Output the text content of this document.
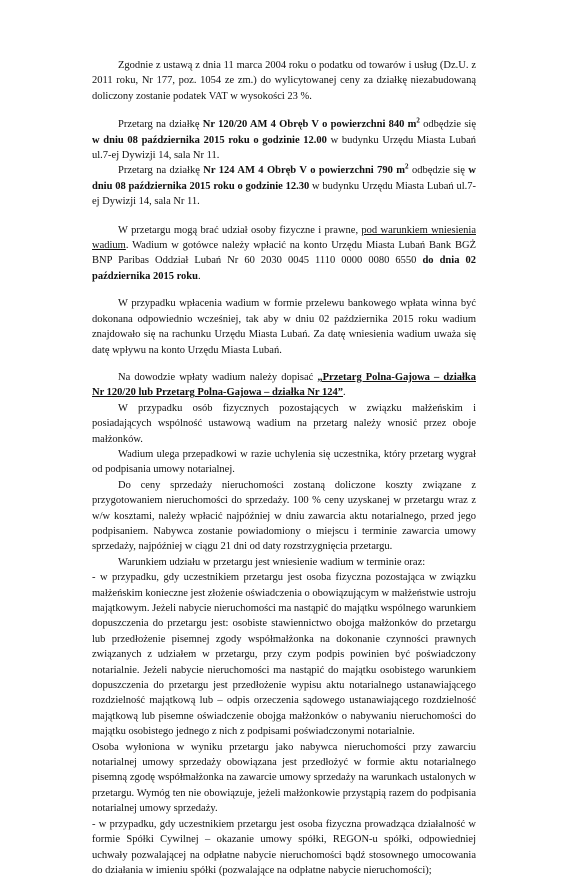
Zgodnie z ustawą z dnia 11 marca 2004 roku o podatku od towarów i usług (Dz.U. z 2011 roku, Nr 177, poz. 1054 ze zm.) do wylicytowanej ceny za działkę niezabudowaną doliczony zostanie podatek VAT w wysokości 23 %.

Przetarg na działkę Nr 120/20 AM 4 Obręb V o powierzchni 840 $m^2$ odbędzie się w dniu 08 października 2015 roku o godzinie 12.00 w budynku Urzędu Miasta Lubań ul.7-ej Dywizji 14, sala Nr 11.

Przetarg na działkę Nr 124 AM 4 Obręb V o powierzchni 790 $m^2$ odbędzie się w dniu 08 października 2015 roku o godzinie 12.30 w budynku Urzędu Miasta Lubań ul.7-ej Dywizji 14, sala Nr 11.

W przetargu mogą brać udział osoby fizyczne i prawne, pod warunkiem wniesienia wadium. Wadium w gotówce należy wpłacić na konto Urzędu Miasta Lubań Bank BGŻ BNP Paribas Oddział Lubań Nr 60 2030 0045 1110 0000 0080 6550 do dnia 02 października 2015 roku.

W przypadku wpłacenia wadium w formie przelewu bankowego wpłata winna być dokonana odpowiednio wcześniej, tak aby w dniu 02 października 2015 roku wadium znajdowało się na rachunku Urzędu Miasta Lubań. Za datę wniesienia wadium uważa się datę wpływu na konto Urzędu Miasta Lubań.

Na dowodzie wpłaty wadium należy dopisać „Przetarg Polna-Gajowa – działka Nr 120/20 lub Przetarg Polna-Gajowa – działka Nr 124”.

W przypadku osób fizycznych pozostających w związku małżeńskim i posiadających wspólność ustawową wadium na przetarg należy wnosić przez oboje małżonków.

Wadium ulega przepadkowi w razie uchylenia się uczestnika, który przetarg wygrał od podpisania umowy notarialnej.

Do ceny sprzedaży nieruchomości zostaną doliczone koszty związane z przygotowaniem nieruchomości do sprzedaży. 100 % ceny uzyskanej w przetargu wraz z w/w kosztami, należy wpłacić najpóźniej w dniu zawarcia aktu notarialnego, przed jego podpisaniem. Nabywca zostanie powiadomiony o miejscu i terminie zawarcia umowy sprzedaży, najpóźniej w ciągu 21 dni od daty rozstrzygnięcia przetargu.

Warunkiem udziału w przetargu jest wniesienie wadium w terminie oraz:

- w przypadku, gdy uczestnikiem przetargu jest osoba fizyczna pozostająca w związku małżeńskim konieczne jest złożenie oświadczenia o obowiązującym w małżeństwie ustroju majątkowym. Jeżeli nabycie nieruchomości ma nastąpić do majątku wspólnego warunkiem dopuszczenia do przetargu jest: osobiste stawiennictwo obojga małżonków do przetargu lub przedłożenie pisemnej zgody współmałżonka na dokonanie czynności prawnych związanych z udziałem w przetargu, przy czym podpis powinien być poświadczony notarialnie. Jeżeli nabycie nieruchomości ma nastąpić do majątku osobistego warunkiem dopuszczenia do przetargu jest przedłożenie wypisu aktu notarialnego ustanawiającego rozdzielność majątkową lub – odpis orzeczenia sądowego ustanawiającego rozdzielność majątkową lub pisemne oświadczenie obojga małżonków o nabywaniu nieruchomości do majątku osobistego jednego z nich z podpisami poświadczonymi notarialnie.

Osoba wyłoniona w wyniku przetargu jako nabywca nieruchomości przy zawarciu notarialnej umowy sprzedaży obowiązana jest przedłożyć w formie aktu notarialnego pisemną zgodę współmałżonka na zawarcie umowy sprzedaży na warunkach ustalonych w przetargu. Wymóg ten nie obowiązuje, jeżeli małżonkowie przystąpią razem do podpisania notarialnej umowy sprzedaży.

- w przypadku, gdy uczestnikiem przetargu jest osoba fizyczna prowadząca działalność w formie Spółki Cywilnej – okazanie umowy spółki, REGON-u spółki, odpowiedniej uchwały pozwalającej na odpłatne nabycie nieruchomości bądź stosownego umocowania do działania w imieniu spółki (pozwalające na odpłatne nabycie nieruchomości);
